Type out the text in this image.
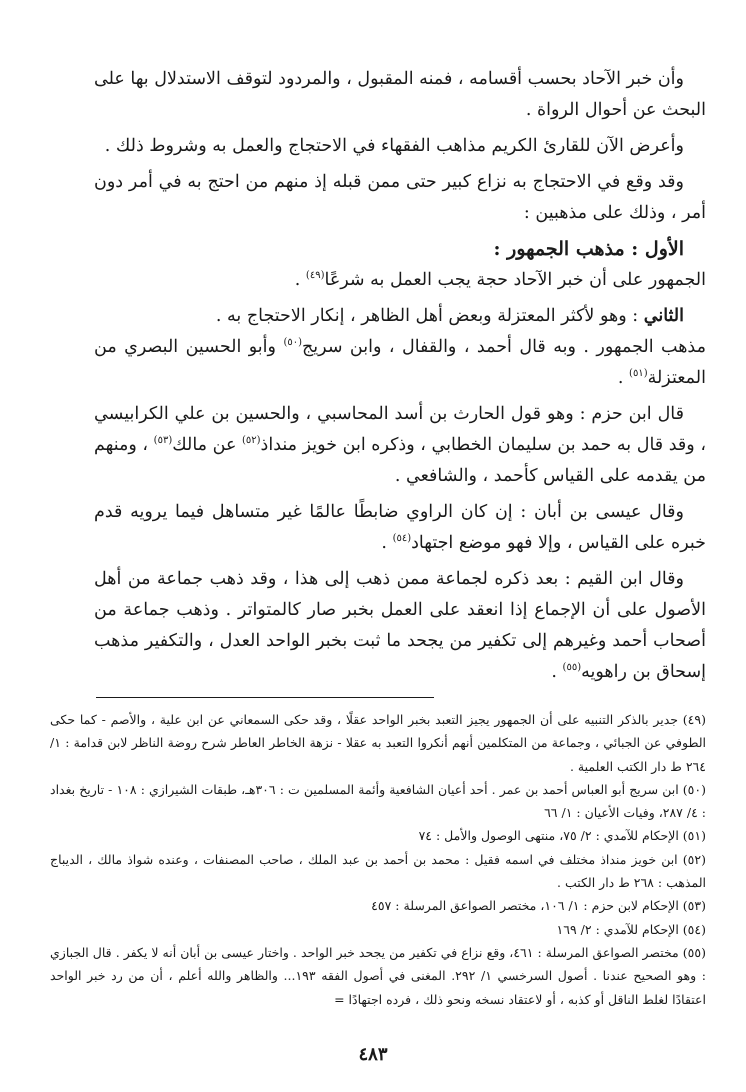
وأن خبر الآحاد بحسب أقسامه ، فمنه المقبول ، والمردود لتوقف الاستدلال بها على البحث عن أحوال الرواة .

وأعرض الآن للقارئ الكريم مذاهب الفقهاء في الاحتجاج والعمل به وشروط ذلك .

وقد وقع في الاحتجاج به نزاع كبير حتى ممن قبله إذ منهم من احتج به في أمر دون أمر ، وذلك على مذهبين :

الأول : مذهب الجمهور :

الجمهور على أن خبر الآحاد حجة يجب العمل به شرعًا$^{(٤٩)}$ .

الثاني : وهو لأكثر المعتزلة وبعض أهل الظاهر ، إنكار الاحتجاج به .

مذهب الجمهور . وبه قال أحمد ، والقفال ، وابن سريج$^{(٥٠)}$ وأبو الحسين البصري من المعتزلة$^{(٥١)}$ .

قال ابن حزم : وهو قول الحارث بن أسد المحاسبي ، والحسين بن علي الكرابيسي ، وقد قال به حمد بن سليمان الخطابي ، وذكره ابن خويز منداذ$^{(٥٢)}$ عن مالك$^{(٥٣)}$ ، ومنهم من يقدمه على القياس كأحمد ، والشافعي .

وقال عيسى بن أبان : إن كان الراوي ضابطًا عالمًا غير متساهل فيما يرويه قدم خبره على القياس ، وإلا فهو موضع اجتهاد$^{(٥٤)}$ .

وقال ابن القيم : بعد ذكره لجماعة ممن ذهب إلى هذا ، وقد ذهب جماعة من أهل الأصول على أن الإجماع إذا انعقد على العمل بخبر صار كالمتواتر . وذهب جماعة من أصحاب أحمد وغيرهم إلى تكفير من يجحد ما ثبت بخبر الواحد العدل ، والتكفير مذهب إسحاق بن راهويه$^{(٥٥)}$ .

(٤٩) جدير بالذكر التنبيه على أن الجمهور يجيز التعبد بخبر الواحد عقلًا ، وقد حكى السمعاني عن ابن علية ، والأصم - كما حكى الطوفي عن الجبائي ، وجماعة من المتكلمين أنهم أنكروا التعبد به عقلا - نزهة الخاطر العاطر شرح روضة الناظر لابن قدامة : ١/ ٢٦٤ ط دار الكتب العلمية .

(٥٠) ابن سريج أبو العباس أحمد بن عمر . أحد أعيان الشافعية وأئمة المسلمين ت : ٣٠٦هـ، طبقات الشيرازي : ١٠٨ - تاريخ بغداد : ٤/ ٢٨٧، وفيات الأعيان : ١/ ٦٦

(٥١) الإحكام للآمدي : ٢/ ٧٥، منتهى الوصول والأمل : ٧٤

(٥٢) ابن خويز منداذ مختلف في اسمه فقيل : محمد بن أحمد بن عبد الملك ، صاحب المصنفات ، وعنده شواذ مالك ، الديباج المذهب : ٢٦٨ ط دار الكتب .

(٥٣) الإحكام لابن حزم : ١/ ١٠٦، مختصر الصواعق المرسلة : ٤٥٧

(٥٤) الإحكام للآمدي : ٢/ ١٦٩

(٥٥) مختصر الصواعق المرسلة : ٤٦١، وقع نزاع في تكفير من يجحد خبر الواحد . واختار عيسى بن أبان أنه لا يكفر . قال الجبازي : وهو الصحيح عندنا . أصول السرخسي ١/ ٢٩٢. المغنى في أصول الفقه ١٩٣... والظاهر والله أعلم ، أن من رد خبر الواحد اعتقادًا لغلط الناقل أو كذبه ، أو لاعتقاد نسخه ونحو ذلك ، فرده اجتهادًا =

٤٨٣
